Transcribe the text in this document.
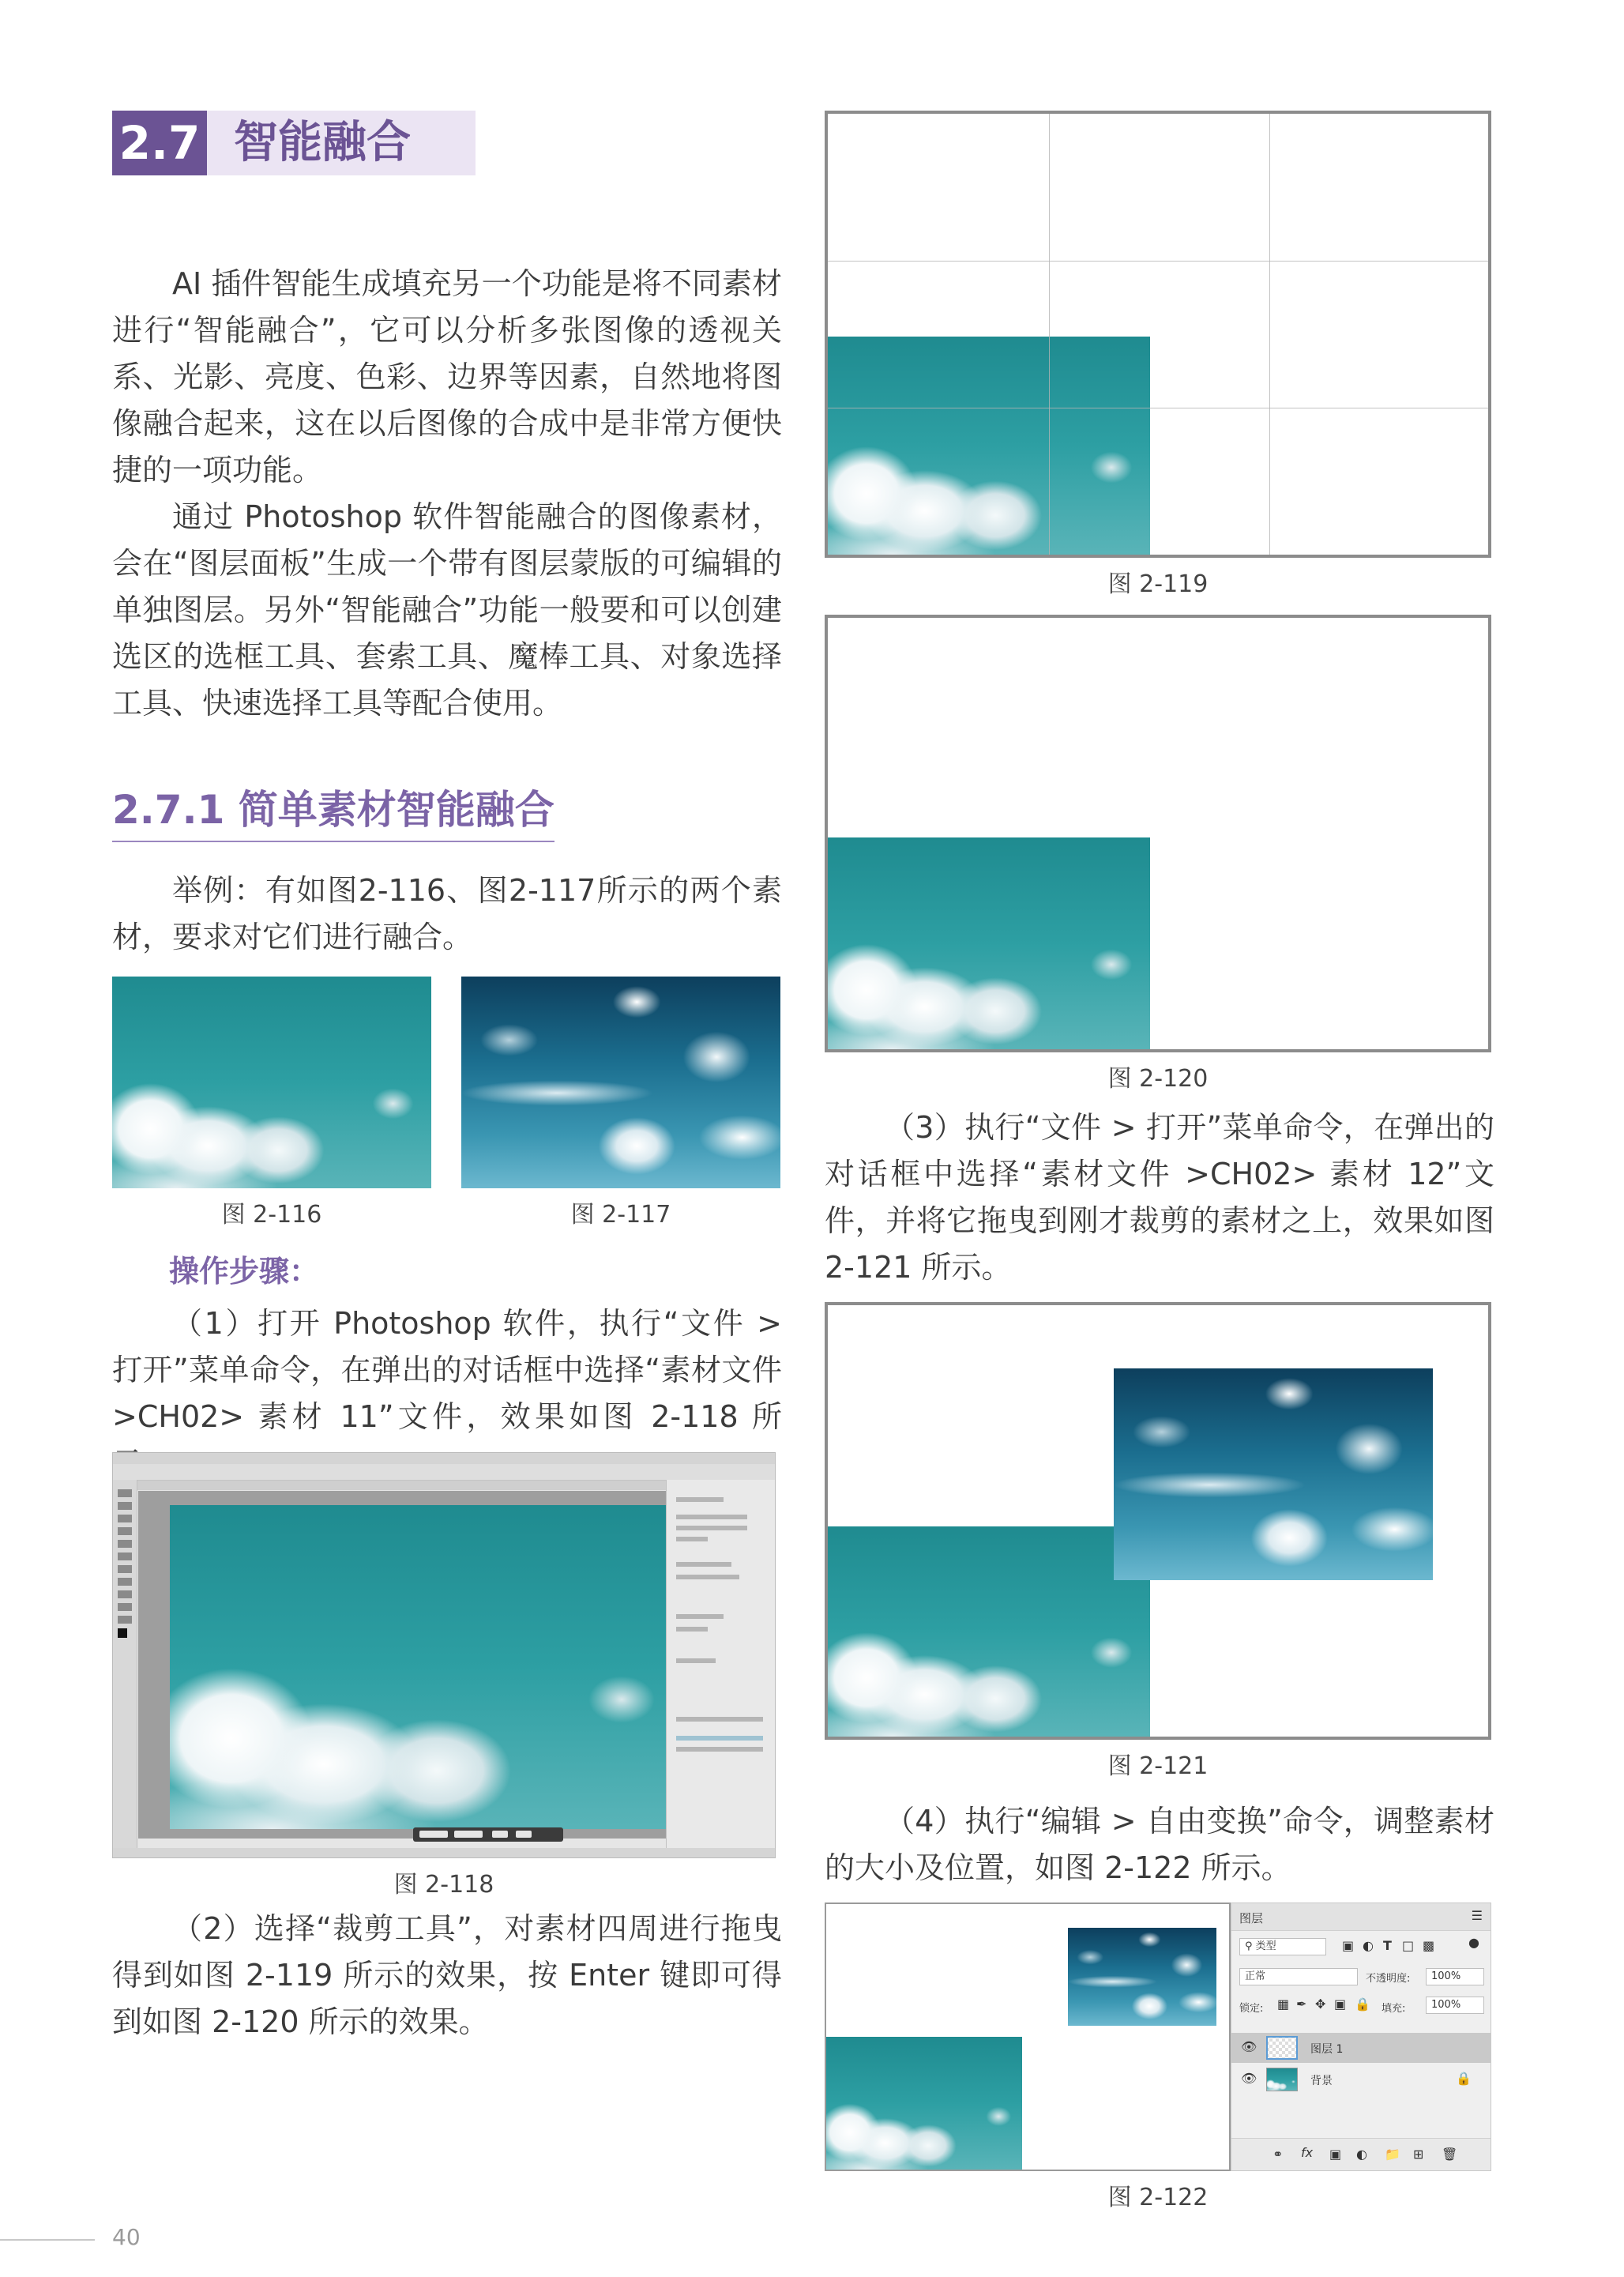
2.7 智能融合

AI 插件智能生成填充另一个功能是将不同素材进行“智能融合”，它可以分析多张图像的透视关系、光影、亮度、色彩、边界等因素，自然地将图像融合起来，这在以后图像的合成中是非常方便快捷的一项功能。

通过 Photoshop 软件智能融合的图像素材，会在“图层面板”生成一个带有图层蒙版的可编辑的单独图层。另外“智能融合”功能一般要和可以创建选区的选框工具、套索工具、魔棒工具、对象选择工具、快速选择工具等配合使用。

2.7.1 简单素材智能融合

举例：有如图2-116、图2-117所示的两个素材，要求对它们进行融合。

图 2-116	图 2-117
操作步骤：

（1）打开 Photoshop 软件，执行“文件 > 打开”菜单命令，在弹出的对话框中选择“素材文件 >CH02> 素材 11”文件，效果如图 2-118 所

图 2-118

（2）选择“裁剪工具”，对素材四周进行拖曳得到如图 2-119 所示的效果，按 Enter 键即可得到如图 2-120 所示的效果。

图 2-119
图 2-120

（3）执行“文件 > 打开”菜单命令，在弹出的对话框中选择“素材文件 >CH02> 素材 12”文件，并将它拖曳到刚才裁剪的素材之上，效果如图 2-121 所示。

图 2-121

（4）执行“编辑 > 自由变换”命令，调整素材的大小及位置，如图 2-122 所示。

图层	☰
⚲ 类型	▣ ◐ T □ ▩	●
正常	不透明度:	100%
锁定: ▦ ✒ ✥ ▣ 🔒 填充:	100%
👁	图层 1
👁	背景	🔒
⚭ fx ▣ ◐ 📁 ⊞ 🗑
图 2-122
40
